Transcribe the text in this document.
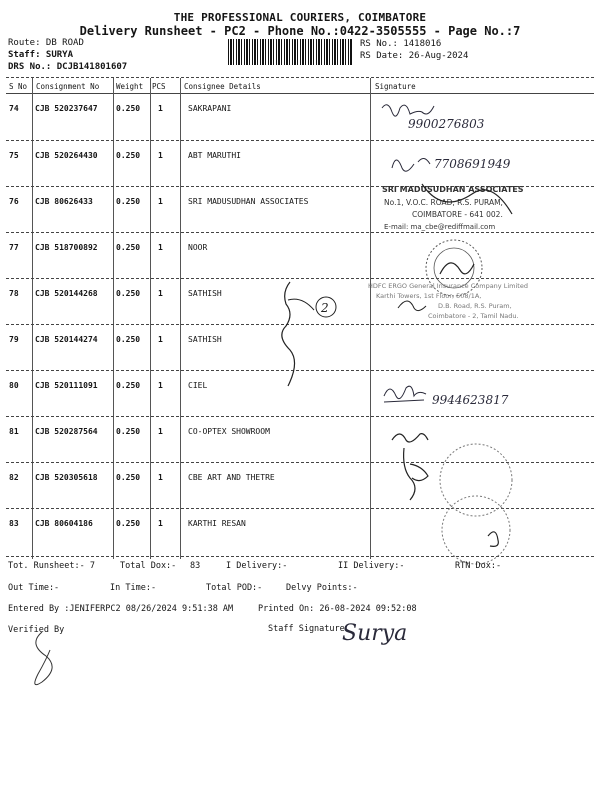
THE PROFESSIONAL COURIERS, COIMBATORE
Delivery Runsheet - PC2 - Phone No.:0422-3505555 - Page No.:7
Route: DB ROAD
Staff: SURYA
DRS No.: DCJB141801607
RS No.: 1418016
RS Date: 26-Aug-2024
S No Consignment No Weight PCS Consignee Details	Signature
74 CJB 520237647 0.250 1	SAKRAPANI
75 CJB 520264430 0.250 1	ABT MARUTHI
76 CJB 80626433	0.250 1	SRI MADUSUDHAN ASSOCIATES
77 CJB 518700892 0.250 1	NOOR
78 CJB 520144268 0.250 1	SATHISH
79 CJB 520144274 0.250 1	SATHISH
80 CJB 520111091 0.250 1	CIEL
81 CJB 520287564 0.250 1	CO-OPTEX SHOWROOM
82 CJB 520305618 0.250 1	CBE ART AND THETRE
83 CJB 80604186	0.250 1	KARTHI RESAN
9900276803
7708691949
SRI MADUSUDHAN ASSOCIATES
No.1, V.O.C. ROAD, R.S. PURAM,
COIMBATORE - 641 002.
E-mail: ma_cbe@rediffmail.com
HDFC ERGO General Insurance Company Limited
Karthi Towers, 1st Floor, 508/1A,
D.B. Road, R.S. Puram,
Coimbatore - 2, Tamil Nadu.
2
9944623817
Tot. Runsheet:- 7	Total Dox:- 83	I Delivery:-	II Delivery:-	RTN Dox:-
Out Time:-	In Time:-	Total POD:-	Delvy Points:-
Entered By :JENIFERPC2 08/26/2024 9:51:38 AM	Printed On: 26-08-2024 09:52:08
Verified By	Staff Signature
Surya
